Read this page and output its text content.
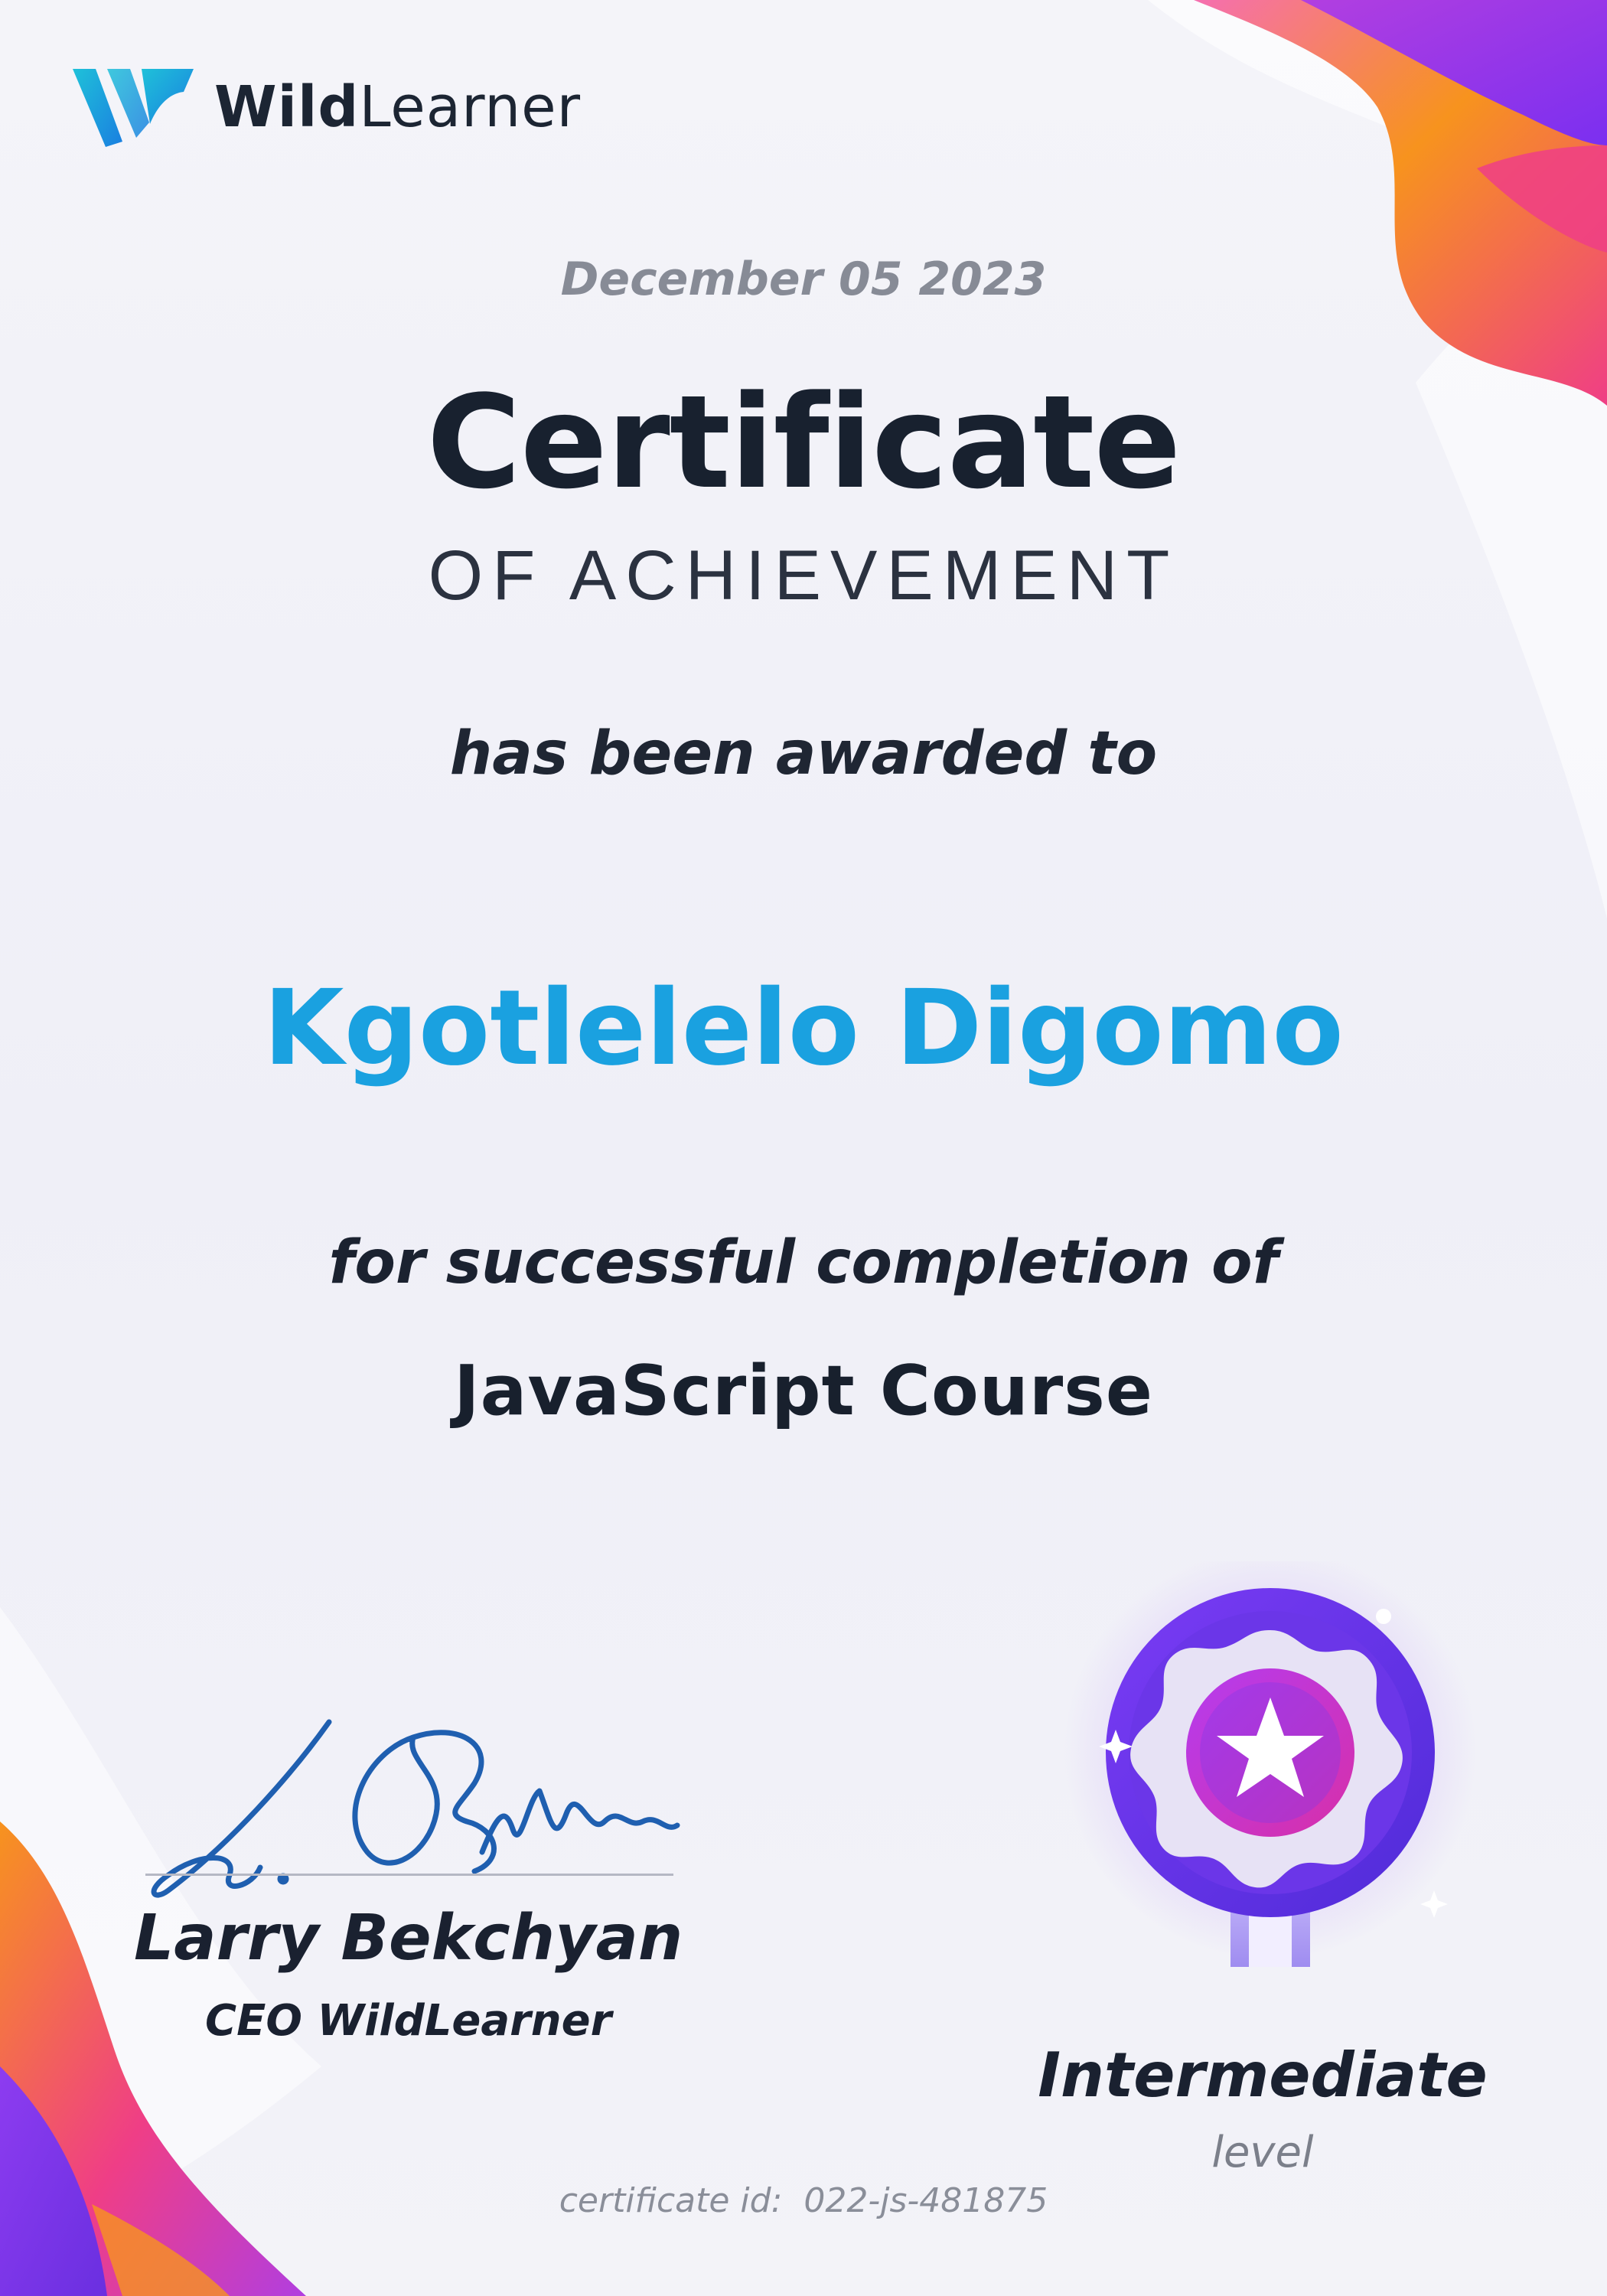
WildLearner
December 05 2023
Certificate
OF ACHIEVEMENT
has been awarded to
Kgotlelelo Digomo
for successful completion of
JavaScript Course
Larry Bekchyan
CEO WildLearner
Intermediate
level
certificate id: 022-js-481875
